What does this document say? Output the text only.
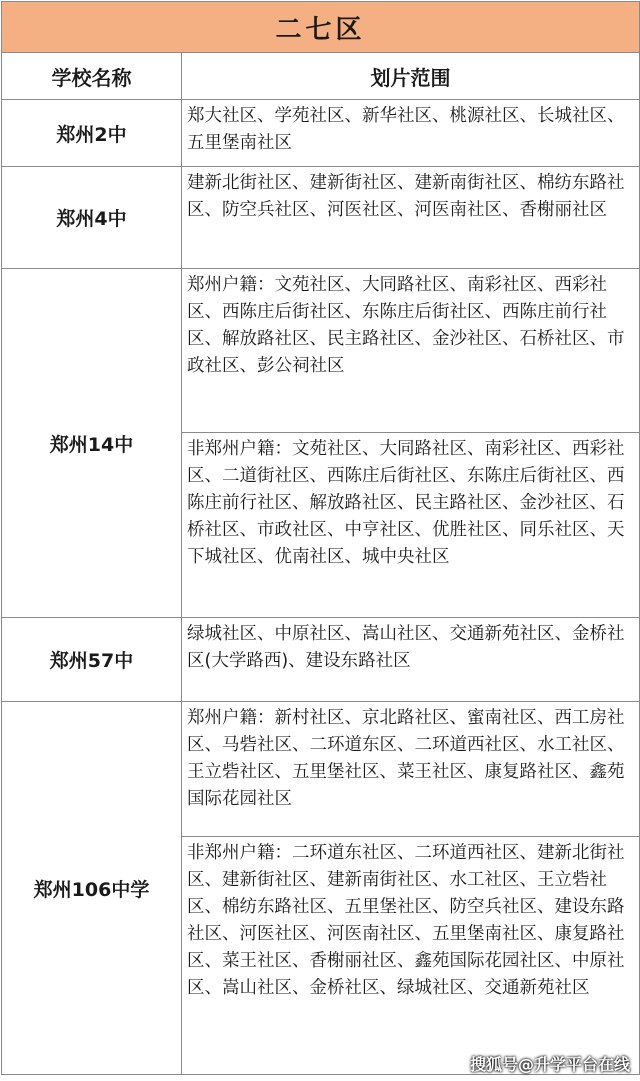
二七区	
学校名称	划片范围
郑州2中	郑大社区、学苑社区、新华社区、桃源社区、长城社区、五里堡南社区
郑州4中	建新北街社区、建新街社区、建新南街社区、棉纺东路社区、防空兵社区、河医社区、河医南社区、香榭丽社区
郑州14中	郑州户籍：文苑社区、大同路社区、南彩社区、西彩社区、西陈庄后街社区、东陈庄后街社区、西陈庄前行社区、解放路社区、民主路社区、金沙社区、石桥社区、市政社区、彭公祠社区
	非郑州户籍：文苑社区、大同路社区、南彩社区、西彩社区、二道街社区、西陈庄后街社区、东陈庄后街社区、西陈庄前行社区、解放路社区、民主路社区、金沙社区、石桥社区、市政社区、中亨社区、优胜社区、同乐社区、天下城社区、优南社区、城中央社区
郑州57中	绿城社区、中原社区、嵩山社区、交通新苑社区、金桥社区(大学路西)、建设东路社区
郑州106中学	郑州户籍：新村社区、京北路社区、蜜南社区、西工房社区、马砦社区、二环道东区、二环道西社区、水工社区、王立砦社区、五里堡社区、菜王社区、康复路社区、鑫苑国际花园社区
	非郑州户籍：二环道东社区、二环道西社区、建新北街社区、建新街社区、建新南街社区、水工社区、王立砦社区、棉纺东路社区、五里堡社区、防空兵社区、建设东路社区、河医社区、河医南社区、五里堡南社区、康复路社区、菜王社区、香榭丽社区、鑫苑国际花园社区、中原社区、嵩山社区、金桥社区、绿城社区、交通新苑社区
搜狐号@升学平台在线
